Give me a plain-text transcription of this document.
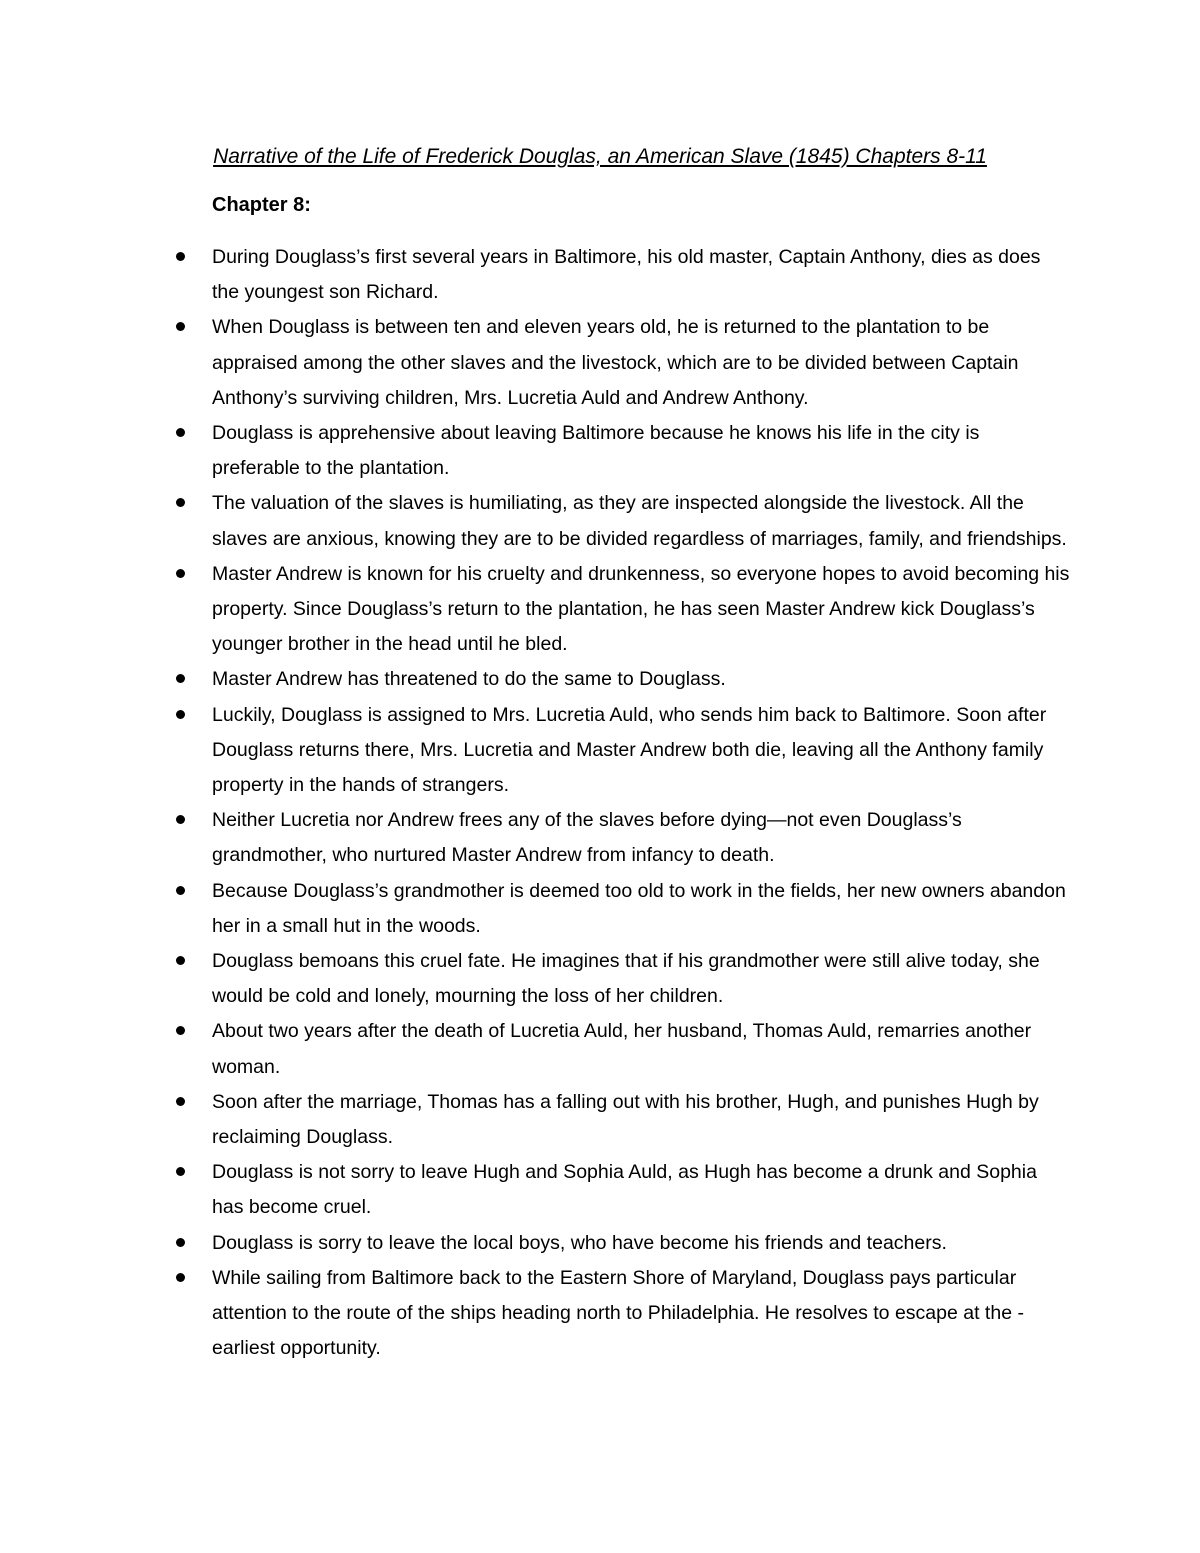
Narrative of the Life of Frederick Douglas, an American Slave (1845) Chapters 8-11
Chapter 8:
During Douglass’s first several years in Baltimore, his old master, Captain Anthony, dies as does the youngest son Richard.
When Douglass is between ten and eleven years old, he is returned to the plantation to be appraised among the other slaves and the livestock, which are to be divided between Captain Anthony’s surviving children, Mrs. Lucretia Auld and Andrew Anthony.
Douglass is apprehensive about leaving Baltimore because he knows his life in the city is preferable to the plantation.
The valuation of the slaves is humiliating, as they are inspected alongside the livestock. All the slaves are anxious, knowing they are to be divided regardless of marriages, family, and friendships.
Master Andrew is known for his cruelty and drunkenness, so everyone hopes to avoid becoming his property. Since Douglass’s return to the plantation, he has seen Master Andrew kick Douglass’s younger brother in the head until he bled.
Master Andrew has threatened to do the same to Douglass.
Luckily, Douglass is assigned to Mrs. Lucretia Auld, who sends him back to Baltimore. Soon after Douglass returns there, Mrs. Lucretia and Master Andrew both die, leaving all the Anthony family property in the hands of strangers.
Neither Lucretia nor Andrew frees any of the slaves before dying—not even Douglass’s grandmother, who nurtured Master Andrew from infancy to death.
Because Douglass’s grandmother is deemed too old to work in the fields, her new owners abandon her in a small hut in the woods.
Douglass bemoans this cruel fate. He imagines that if his grandmother were still alive today, she would be cold and lonely, mourning the loss of her children.
About two years after the death of Lucretia Auld, her husband, Thomas Auld, remarries another woman.
Soon after the marriage, Thomas has a falling out with his brother, Hugh, and punishes Hugh by reclaiming Douglass.
Douglass is not sorry to leave Hugh and Sophia Auld, as Hugh has become a drunk and Sophia has become cruel.
Douglass is sorry to leave the local boys, who have become his friends and teachers.
While sailing from Baltimore back to the Eastern Shore of Maryland, Douglass pays particular attention to the route of the ships heading north to Philadelphia. He resolves to escape at the earliest opportunity.
